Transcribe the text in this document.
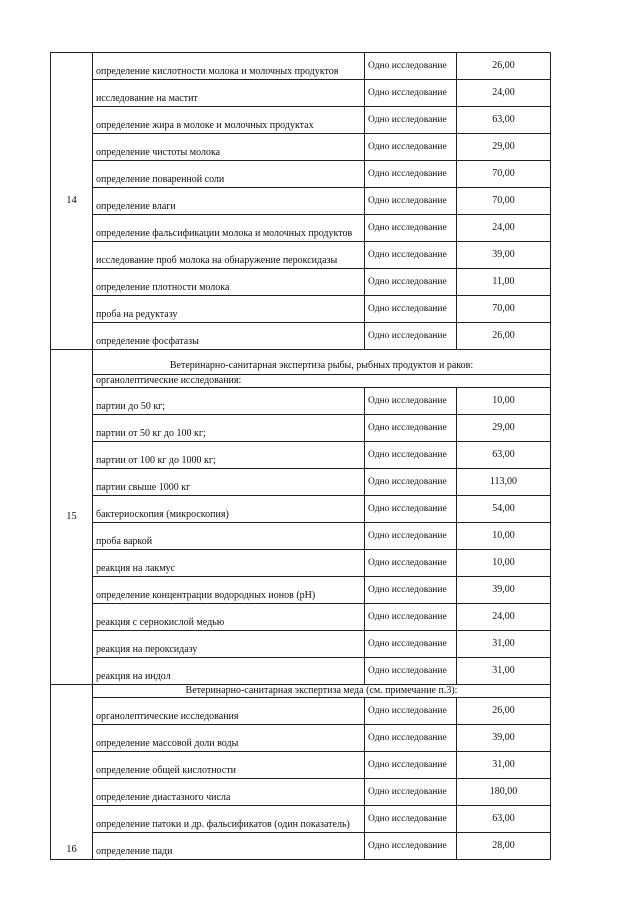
14	определение кислотности молока и молочных продуктов	Одно исследование	26,00
	исследование на мастит	Одно исследование	24,00
	определение жира в молоке и молочных продуктах	Одно исследование	63,00
	определение чистоты молока	Одно исследование	29,00
	определение поваренной соли	Одно исследование	70,00
	определение влаги	Одно исследование	70,00
	определение фальсификации молока и молочных продуктов	Одно исследование	24,00
	исследование проб молока на обнаружение пероксидазы	Одно исследование	39,00
	определение плотности молока	Одно исследование	11,00
	проба на редуктазу	Одно исследование	70,00
	определение фосфатазы	Одно исследование	26,00
15	Ветеринарно-санитарная экспертиза рыбы, рыбных продуктов и раков:		
	органолептические исследования:		
	партии до 50 кг;	Одно исследование	10,00
	партии от 50 кг до 100 кг;	Одно исследование	29,00
	партии от 100 кг до 1000 кг;	Одно исследование	63,00
	партии свыше 1000 кг	Одно исследование	113,00
	бактериоскопия (микроскопия)	Одно исследование	54,00
	проба варкой	Одно исследование	10,00
	реакция на лакмус	Одно исследование	10,00
	определение концентрации водородных ионов (pH)	Одно исследование	39,00
	реакция с сернокислой медью	Одно исследование	24,00
	реакция на пероксидазу	Одно исследование	31,00
	реакция на индол	Одно исследование	31,00
16	Ветеринарно-санитарная экспертиза меда (см. примечание п.3):		
	органолептические исследования	Одно исследование	26,00
	определение массовой доли воды	Одно исследование	39,00
	определение общей кислотности	Одно исследование	31,00
	определение диастазного числа	Одно исследование	180,00
	определение патоки и др. фальсификатов (один показатель)	Одно исследование	63,00
	определение пади	Одно исследование	28,00
